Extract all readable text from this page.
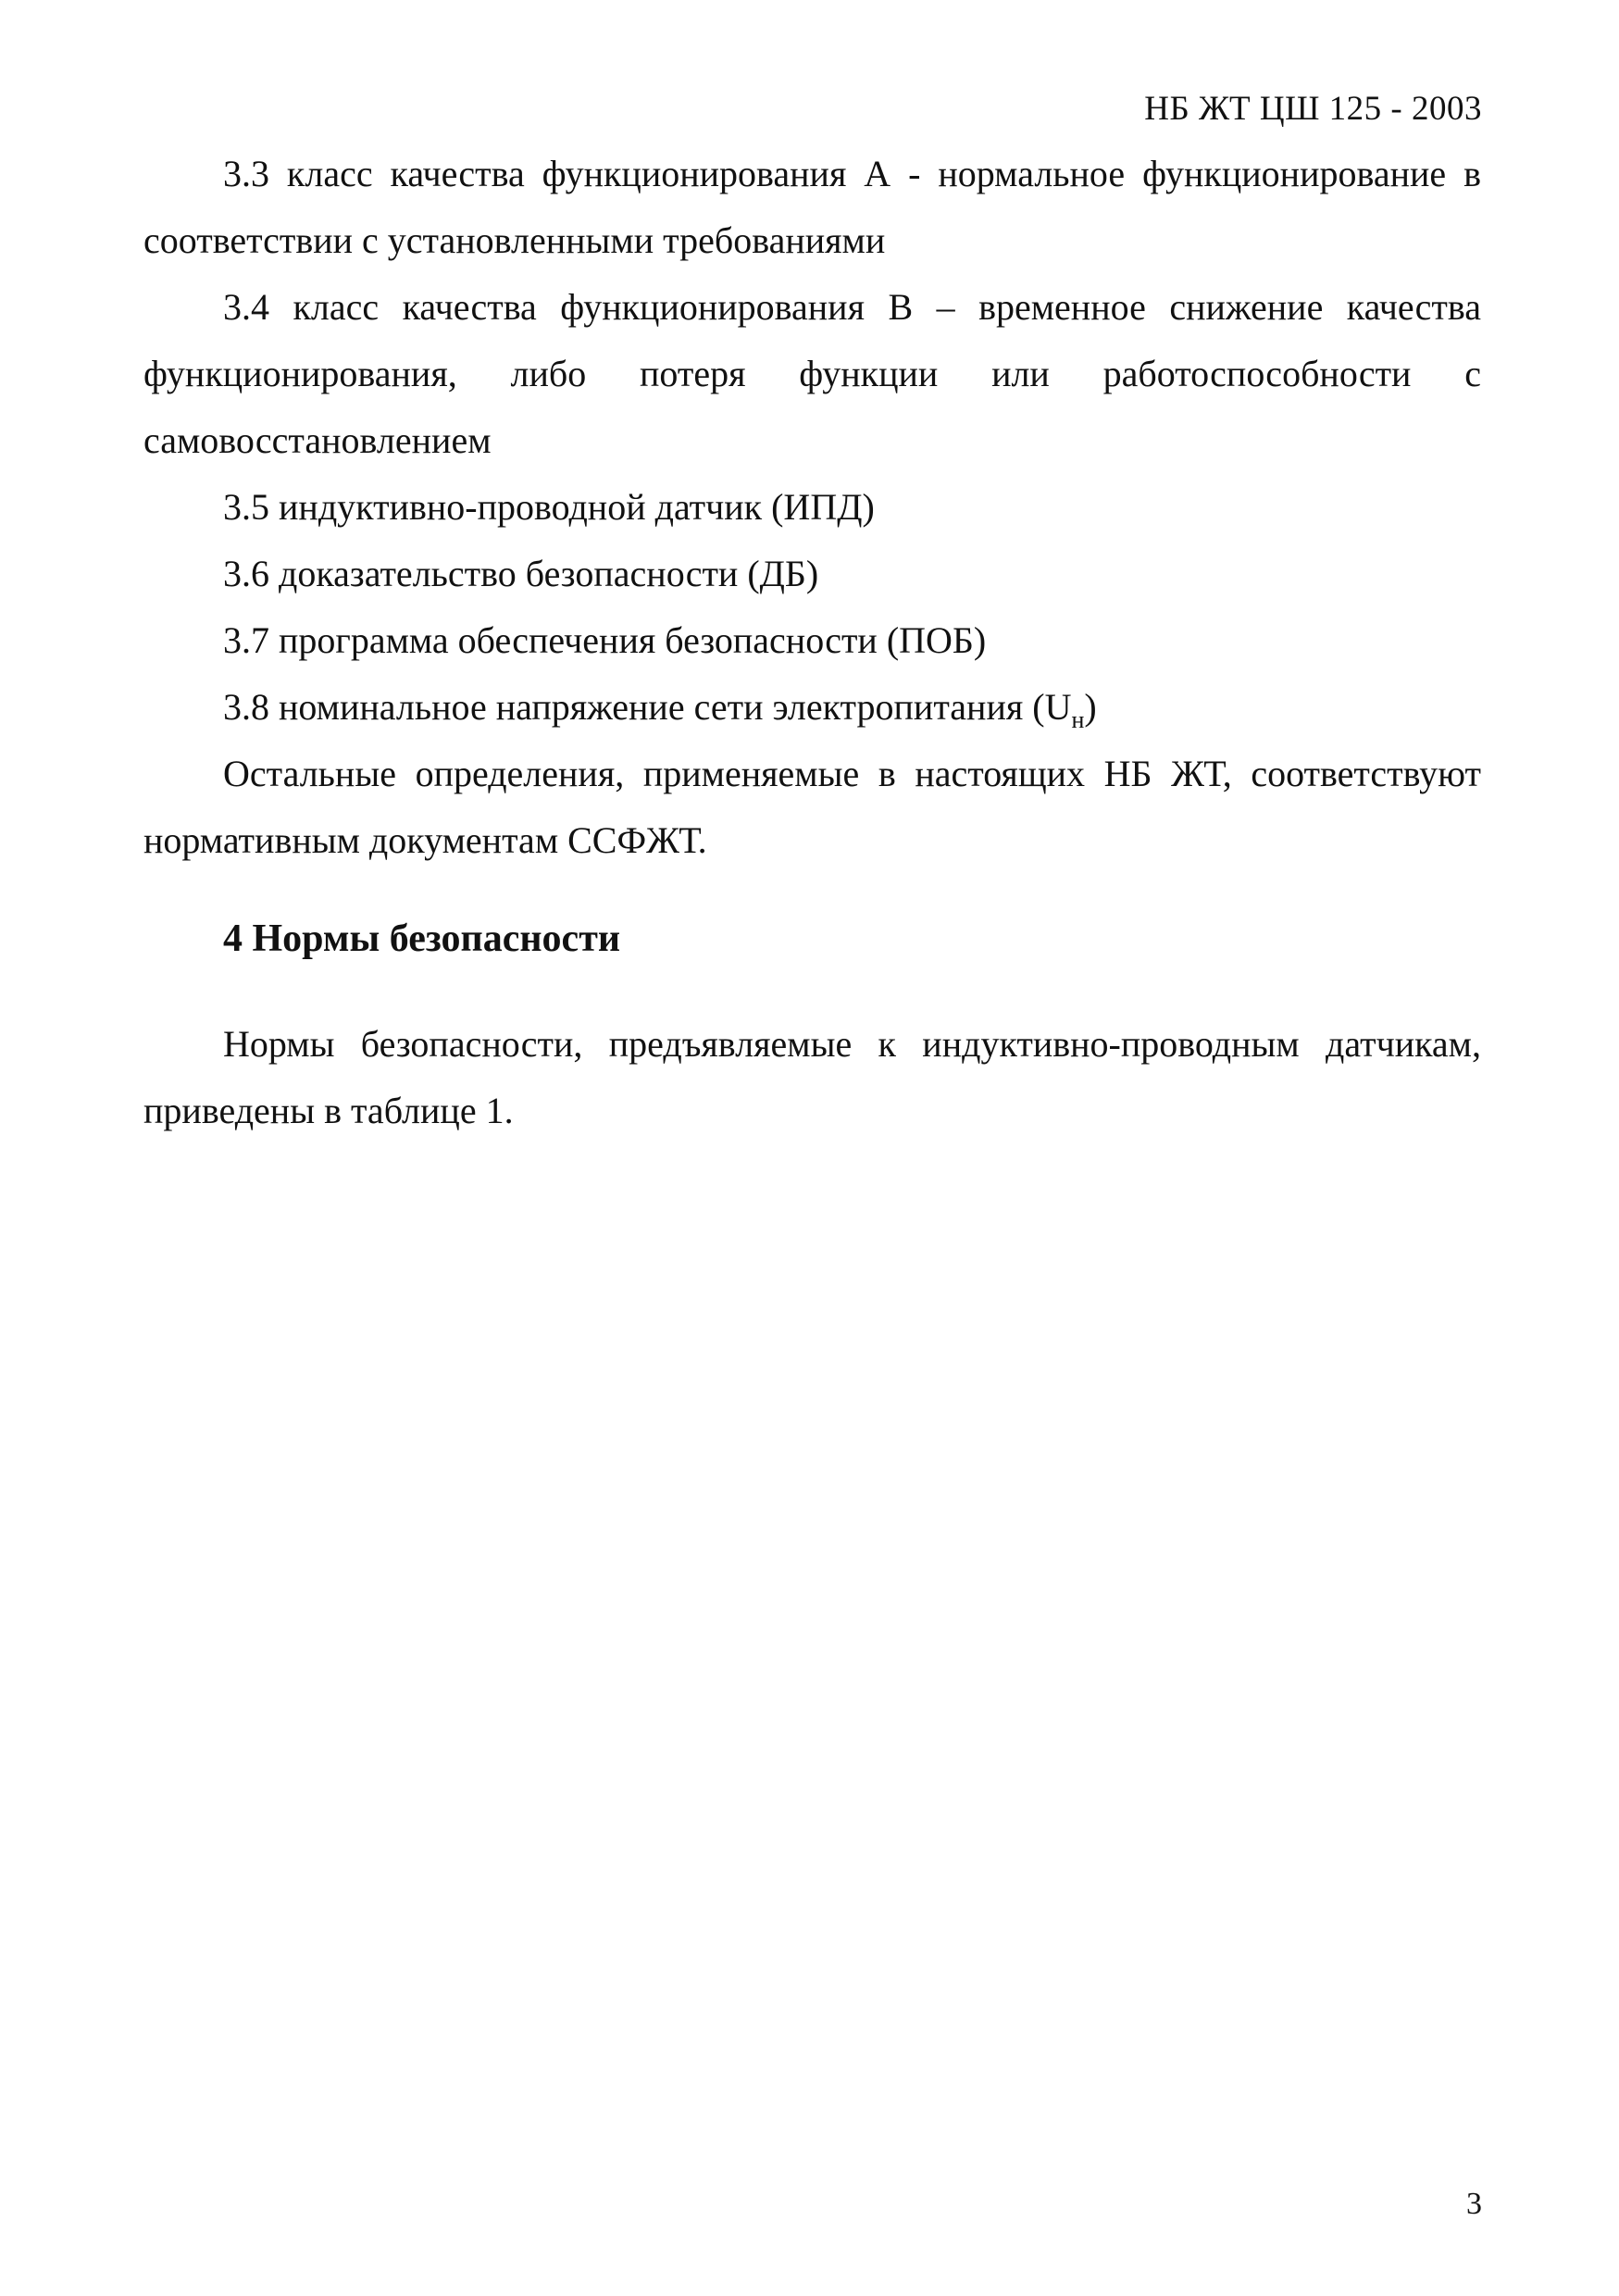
НБ ЖТ ЦШ 125 - 2003

3.3 класс качества функционирования А - нормальное функционирование в соответствии с установленными требованиями

3.4 класс качества функционирования В – временное снижение качества функционирования, либо потеря функции или работоспособности с самовосстановлением

3.5 индуктивно-проводной датчик (ИПД)

3.6 доказательство безопасности (ДБ)

3.7 программа обеспечения безопасности (ПОБ)

3.8 номинальное напряжение сети электропитания $(U_н)$

Остальные определения, применяемые в настоящих НБ ЖТ, соответствуют нормативным документам ССФЖТ.

4 Нормы безопасности

Нормы безопасности, предъявляемые к индуктивно-проводным датчикам, приведены в таблице 1.

3
